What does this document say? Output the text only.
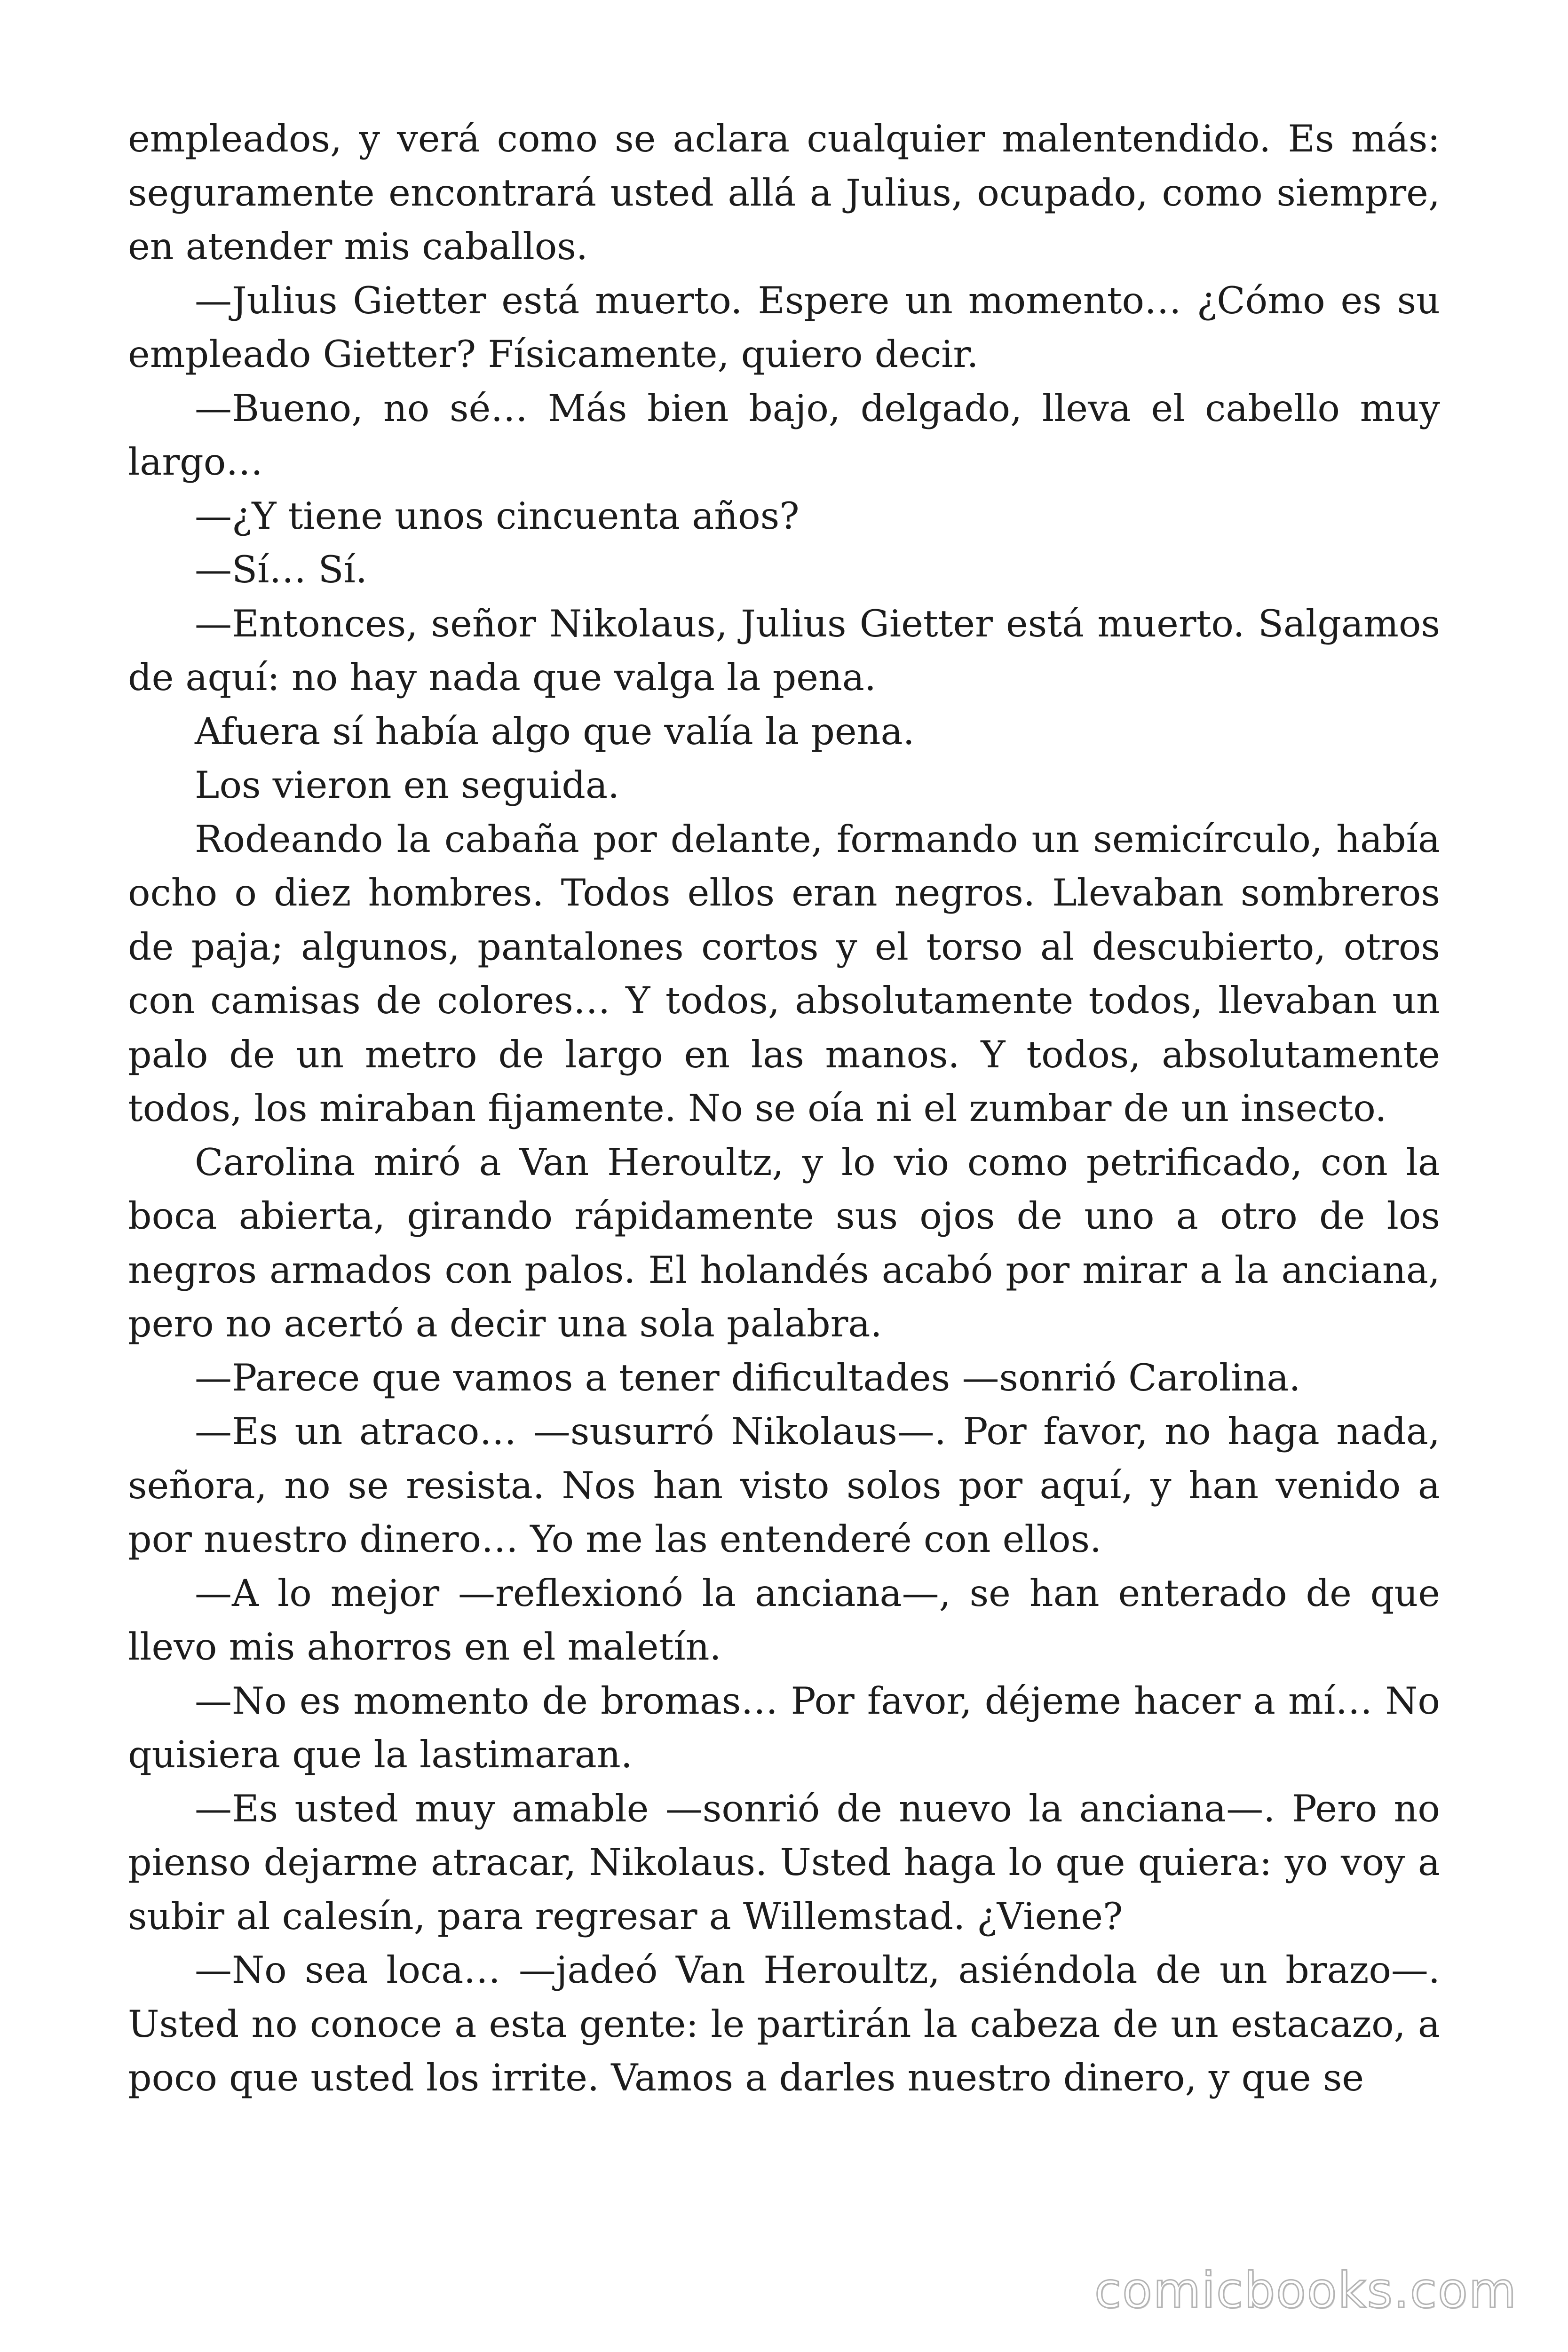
empleados, y verá como se aclara cualquier malentendido. Es más: seguramente encontrará usted allá a Julius, ocupado, como siempre, en atender mis caballos.

—Julius Gietter está muerto. Espere un momento… ¿Cómo es su empleado Gietter? Físicamente, quiero decir.

—Bueno, no sé… Más bien bajo, delgado, lleva el cabello muy largo…

—¿Y tiene unos cincuenta años?

—Sí… Sí.

—Entonces, señor Nikolaus, Julius Gietter está muerto. Salgamos de aquí: no hay nada que valga la pena.

Afuera sí había algo que valía la pena.

Los vieron en seguida.

Rodeando la cabaña por delante, formando un semicírculo, había ocho o diez hombres. Todos ellos eran negros. Llevaban sombreros de paja; algunos, pantalones cortos y el torso al descubierto, otros con camisas de colores… Y todos, absolutamente todos, llevaban un palo de un metro de largo en las manos. Y todos, absolutamente todos, los miraban fijamente. No se oía ni el zumbar de un insecto.

Carolina miró a Van Heroultz, y lo vio como petrificado, con la boca abierta, girando rápidamente sus ojos de uno a otro de los negros armados con palos. El holandés acabó por mirar a la anciana, pero no acertó a decir una sola palabra.

—Parece que vamos a tener dificultades —sonrió Carolina.

—Es un atraco… —susurró Nikolaus—. Por favor, no haga nada, señora, no se resista. Nos han visto solos por aquí, y han venido a por nuestro dinero… Yo me las entenderé con ellos.

—A lo mejor —reflexionó la anciana—, se han enterado de que llevo mis ahorros en el maletín.

—No es momento de bromas… Por favor, déjeme hacer a mí… No quisiera que la lastimaran.

—Es usted muy amable —sonrió de nuevo la anciana—. Pero no pienso dejarme atracar, Nikolaus. Usted haga lo que quiera: yo voy a subir al calesín, para regresar a Willemstad. ¿Viene?

—No sea loca… —jadeó Van Heroultz, asiéndola de un brazo—. Usted no conoce a esta gente: le partirán la cabeza de un estacazo, a poco que usted los irrite. Vamos a darles nuestro dinero, y que se

comicbooks.com
